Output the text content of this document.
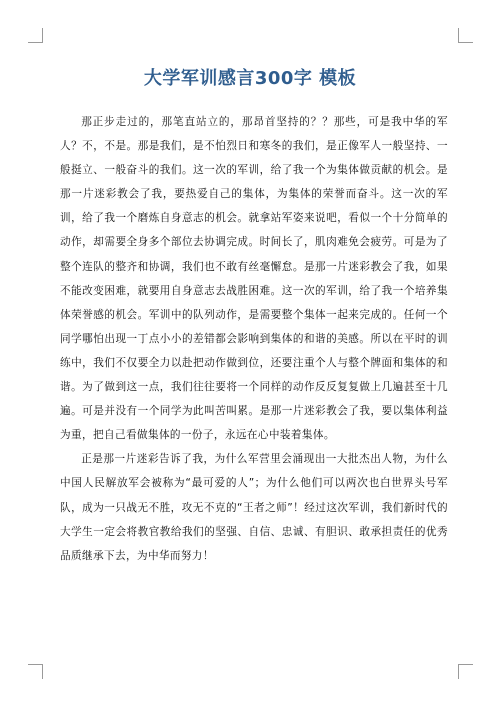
大学军训感言300字 模板

那正步走过的，那笔直站立的，那昂首坚持的？？那些，可是我中华的军人？不，不是。那是我们，是不怕烈日和寒冬的我们，是正像军人一般坚持、一般挺立、一般奋斗的我们。这一次的军训，给了我一个为集体做贡献的机会。是那一片迷彩教会了我，要热爱自己的集体，为集体的荣誉而奋斗。这一次的军训，给了我一个磨炼自身意志的机会。就拿站军姿来说吧，看似一个十分简单的动作，却需要全身多个部位去协调完成。时间长了，肌肉难免会疲劳。可是为了整个连队的整齐和协调，我们也不敢有丝毫懈怠。是那一片迷彩教会了我，如果不能改变困难，就要用自身意志去战胜困难。这一次的军训，给了我一个培养集体荣誉感的机会。军训中的队列动作，是需要整个集体一起来完成的。任何一个同学哪怕出现一丁点小小的差错都会影响到集体的和谐的美感。所以在平时的训练中，我们不仅要全力以赴把动作做到位，还要注重个人与整个牌面和集体的和谐。为了做到这一点，我们往往要将一个同样的动作反反复复做上几遍甚至十几遍。可是并没有一个同学为此叫苦叫累。是那一片迷彩教会了我，要以集体利益为重，把自己看做集体的一份子，永远在心中装着集体。

正是那一片迷彩告诉了我，为什么军营里会涌现出一大批杰出人物，为什么中国人民解放军会被称为“最可爱的人”；为什么他们可以两次也白世界头号军队，成为一只战无不胜，攻无不克的“王者之师”！经过这次军训，我们新时代的大学生一定会将教官教给我们的坚强、自信、忠诚、有胆识、敢承担责任的优秀品质继承下去，为中华而努力！
